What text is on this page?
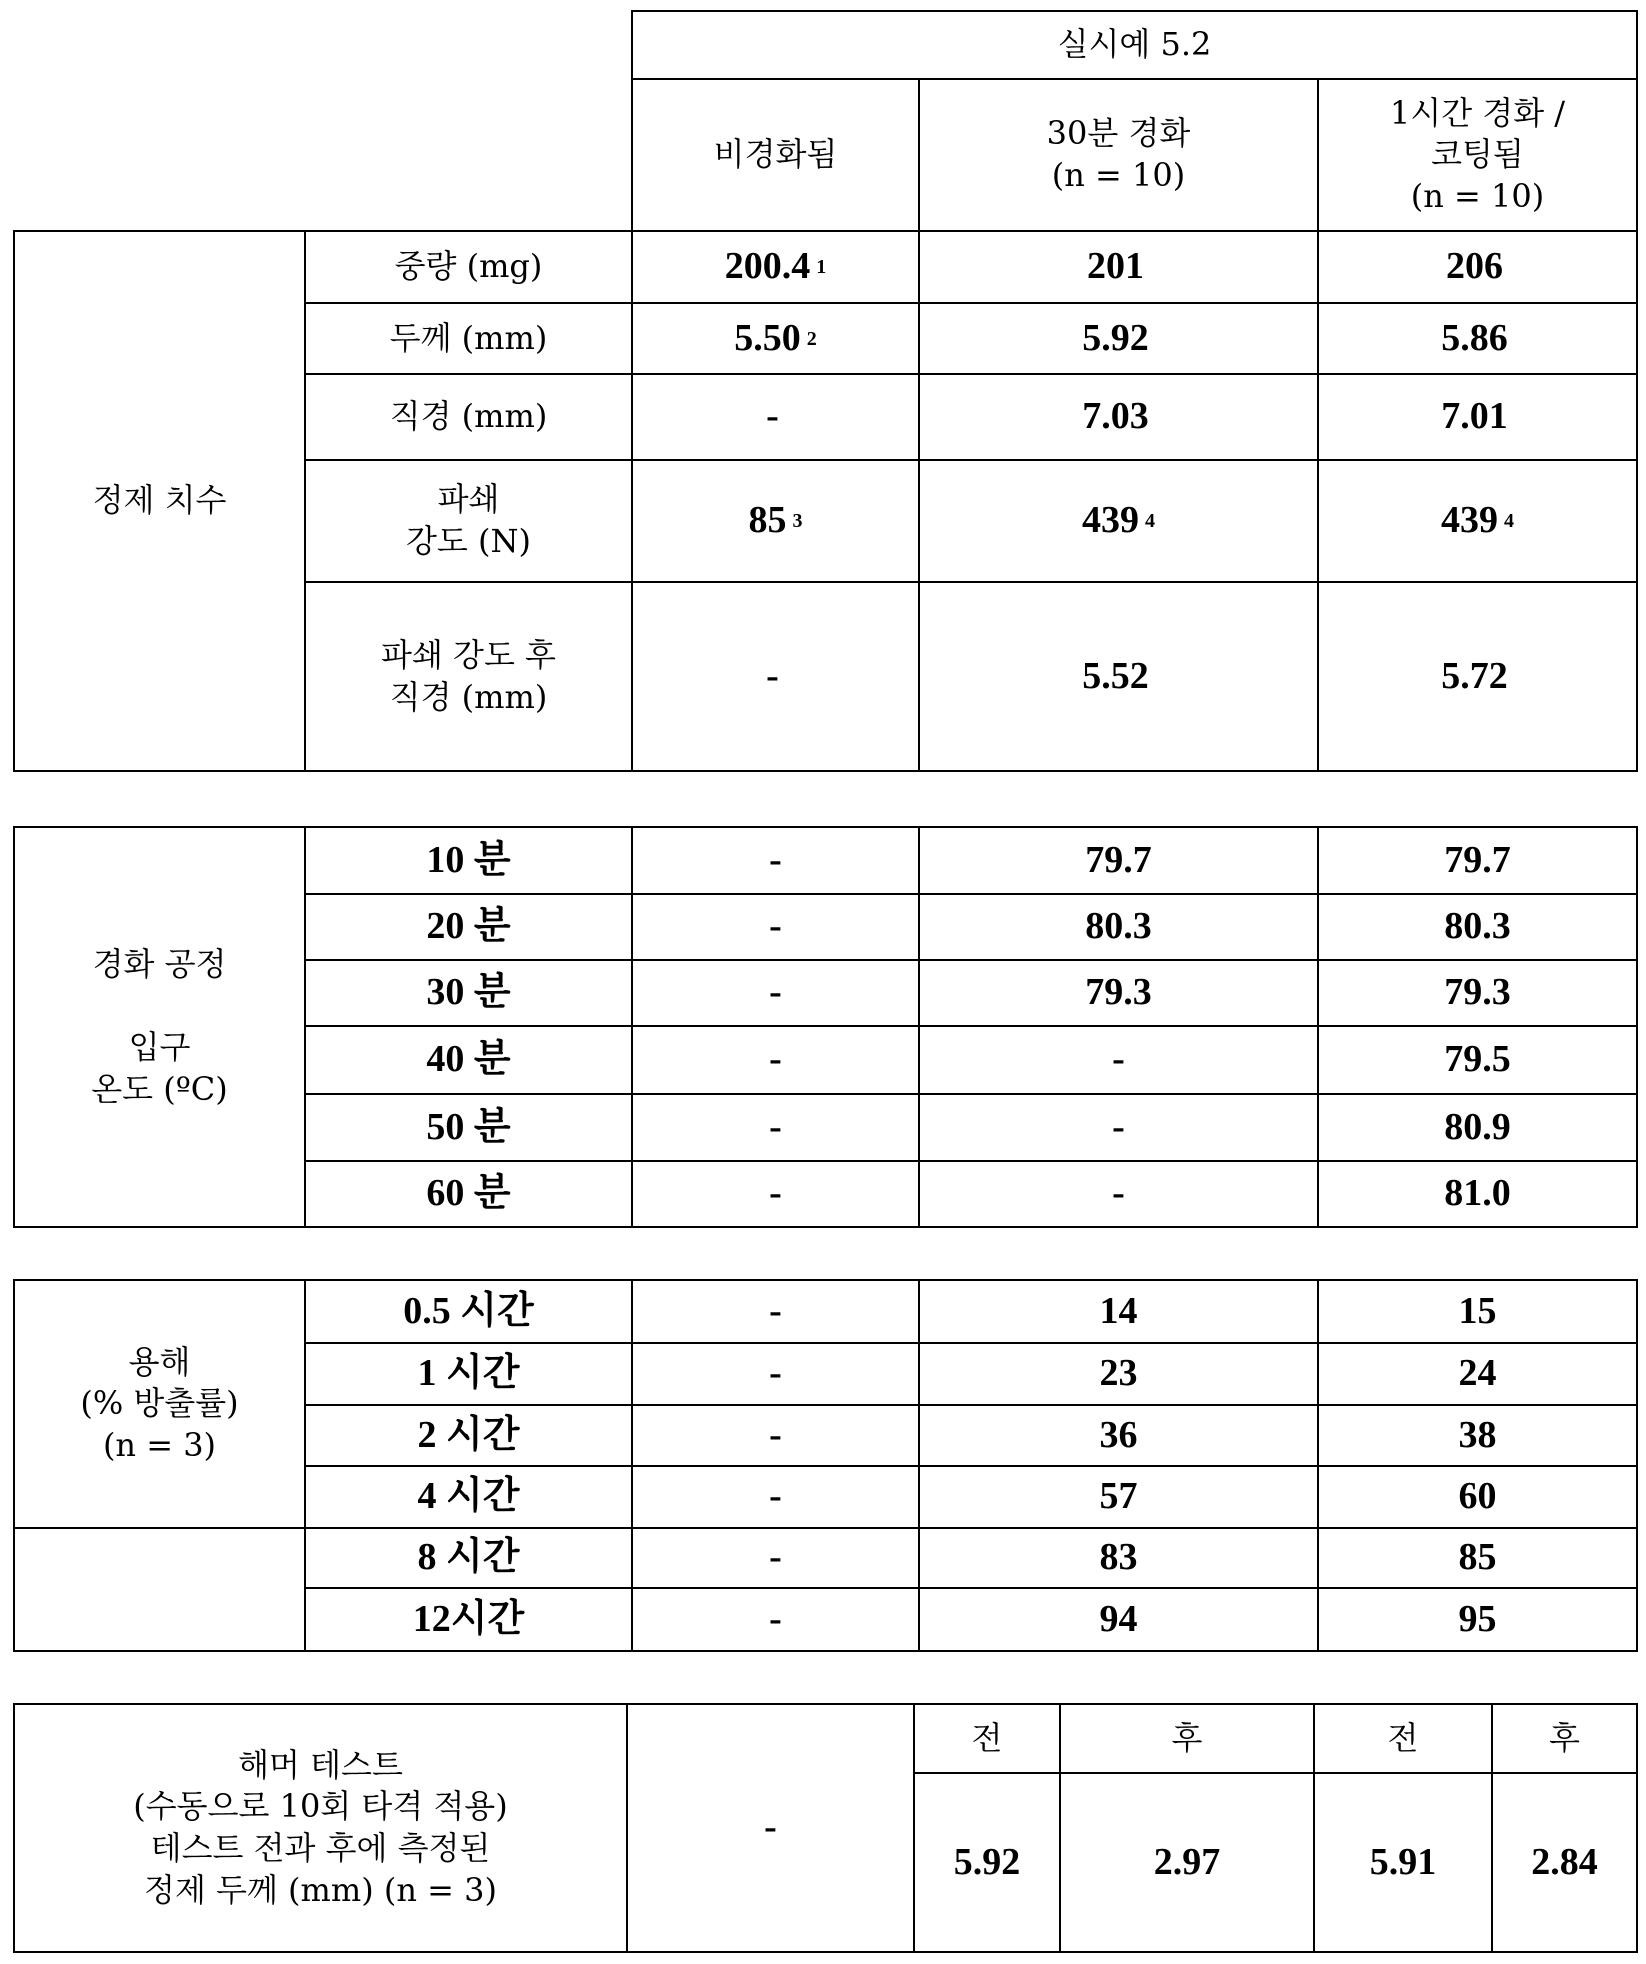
실시예 5.2
비경화됨
30분 경화
(n = 10)
1시간 경화 /
코팅됨
(n = 10)
정제 치수
중량 (mg)	200.4 1	201	206
두께 (mm)	5.50 2	5.92	5.86
직경 (mm)	-	7.03	7.01
파쇄
강도 (N)	85 3	439 4	439 4
파쇄 강도 후
직경 (mm)	-	5.52	5.72
경화 공정

입구
온도 (ºC)
10 분	-	79.7	79.7
20 분	-	80.3	80.3
30 분	-	79.3	79.3
40 분	-	-	79.5
50 분	-	-	80.9
60 분	-	-	81.0
용해
(% 방출률)
(n = 3)
0.5 시간	-	14	15
1 시간	-	23	24
2 시간	-	36	38
4 시간	-	57	60
8 시간	-	83	85
12시간	-	94	95
해머 테스트
(수동으로 10회 타격 적용)
테스트 전과 후에 측정된
정제 두께 (mm) (n = 3)
-
전
5.92
후
2.97
전
5.91
후
2.84
